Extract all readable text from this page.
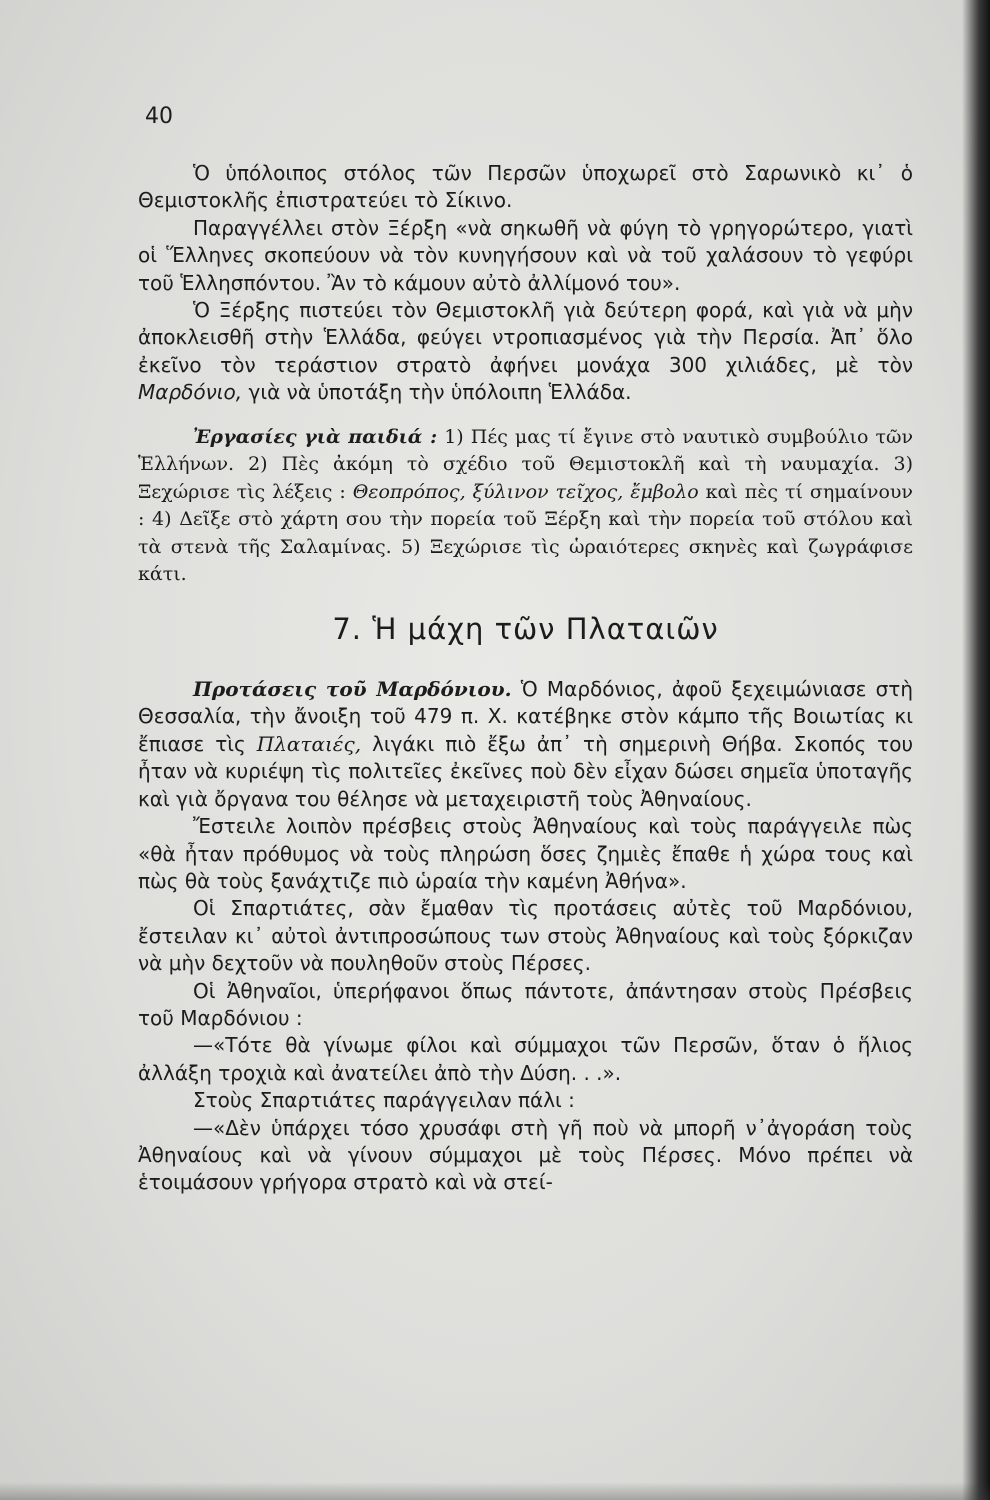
40

Ὁ ὑπόλοιπος στόλος τῶν Περσῶν ὑποχωρεῖ στὸ Σαρωνικὸ κι᾽ ὁ Θεμιστοκλῆς ἐπιστρατεύει τὸ Σίκινο.

Παραγγέλλει στὸν Ξέρξη «νὰ σηκωθῆ νὰ φύγη τὸ γρηγορώτερο, γιατὶ οἱ Ἕλληνες σκοπεύουν νὰ τὸν κυνηγήσουν καὶ νὰ τοῦ χαλάσουν τὸ γεφύρι τοῦ Ἑλλησπόντου. Ἂν τὸ κάμουν αὐτὸ ἀλλίμονό του».

Ὁ Ξέρξης πιστεύει τὸν Θεμιστοκλῆ γιὰ δεύτερη φορά, καὶ γιὰ νὰ μὴν ἀποκλεισθῆ στὴν Ἑλλάδα, φεύγει ντροπιασμένος γιὰ τὴν Περσία. Ἀπ᾽ ὅλο ἐκεῖνο τὸν τεράστιον στρατὸ ἀφήνει μονάχα 300 χιλιάδες, μὲ τὸν Μαρδόνιο, γιὰ νὰ ὑποτάξη τὴν ὑπόλοιπη Ἑλλάδα.

Ἐργασίες γιὰ παιδιά : 1) Πές μας τί ἔγινε στὸ ναυτικὸ συμβούλιο τῶν Ἑλλήνων. 2) Πὲς ἀκόμη τὸ σχέδιο τοῦ Θεμιστοκλῆ καὶ τὴ ναυμαχία. 3) Ξεχώρισε τὶς λέξεις : Θεοπρόπος, ξύλινον τεῖχος, ἔμβολο καὶ πὲς τί σημαίνουν : 4) Δεῖξε στὸ χάρτη σου τὴν πορεία τοῦ Ξέρξη καὶ τὴν πορεία τοῦ στόλου καὶ τὰ στενὰ τῆς Σαλαμίνας. 5) Ξεχώρισε τὶς ὡραιότερες σκηνὲς καὶ ζωγράφισε κάτι.

7. Ἡ μάχη τῶν Πλαταιῶν

Προτάσεις τοῦ Μαρδόνιου. Ὁ Μαρδόνιος, ἀφοῦ ξεχειμώνιασε στὴ Θεσσαλία, τὴν ἄνοιξη τοῦ 479 π. Χ. κατέβηκε στὸν κάμπο τῆς Βοιωτίας κι ἔπιασε τὶς Πλαταιές, λιγάκι πιὸ ἔξω ἀπ᾽ τὴ σημερινὴ Θήβα. Σκοπός του ἦταν νὰ κυριέψη τὶς πολιτεῖες ἐκεῖνες ποὺ δὲν εἶχαν δώσει σημεῖα ὑποταγῆς καὶ γιὰ ὄργανα του θέλησε νὰ μεταχειριστῆ τοὺς Ἀθηναίους.

Ἔστειλε λοιπὸν πρέσβεις στοὺς Ἀθηναίους καὶ τοὺς παράγγειλε πὼς «θὰ ἦταν πρόθυμος νὰ τοὺς πληρώση ὅσες ζημιὲς ἔπαθε ἡ χώρα τους καὶ πὼς θὰ τοὺς ξανάχτιζε πιὸ ὡραία τὴν καμένη Ἀθήνα».

Οἱ Σπαρτιάτες, σὰν ἔμαθαν τὶς προτάσεις αὐτὲς τοῦ Μαρδόνιου, ἔστειλαν κι᾽ αὐτοὶ ἀντιπροσώπους των στοὺς Ἀθηναίους καὶ τοὺς ξόρκιζαν νὰ μὴν δεχτοῦν νὰ πουληθοῦν στοὺς Πέρσες.

Οἱ Ἀθηναῖοι, ὑπερήφανοι ὅπως πάντοτε, ἀπάντησαν στοὺς Πρέσβεις τοῦ Μαρδόνιου :

—«Τότε θὰ γίνωμε φίλοι καὶ σύμμαχοι τῶν Περσῶν, ὅταν ὁ ἥλιος ἀλλάξη τροχιὰ καὶ ἀνατείλει ἀπὸ τὴν Δύση. . .».

Στοὺς Σπαρτιάτες παράγγειλαν πάλι :

—«Δὲν ὑπάρχει τόσο χρυσάφι στὴ γῆ ποὺ νὰ μπορῆ ν᾽ἀγοράση τοὺς Ἀθηναίους καὶ νὰ γίνουν σύμμαχοι μὲ τοὺς Πέρσες. Μόνο πρέπει νὰ ἑτοιμάσουν γρήγορα στρατὸ καὶ νὰ στεί-
